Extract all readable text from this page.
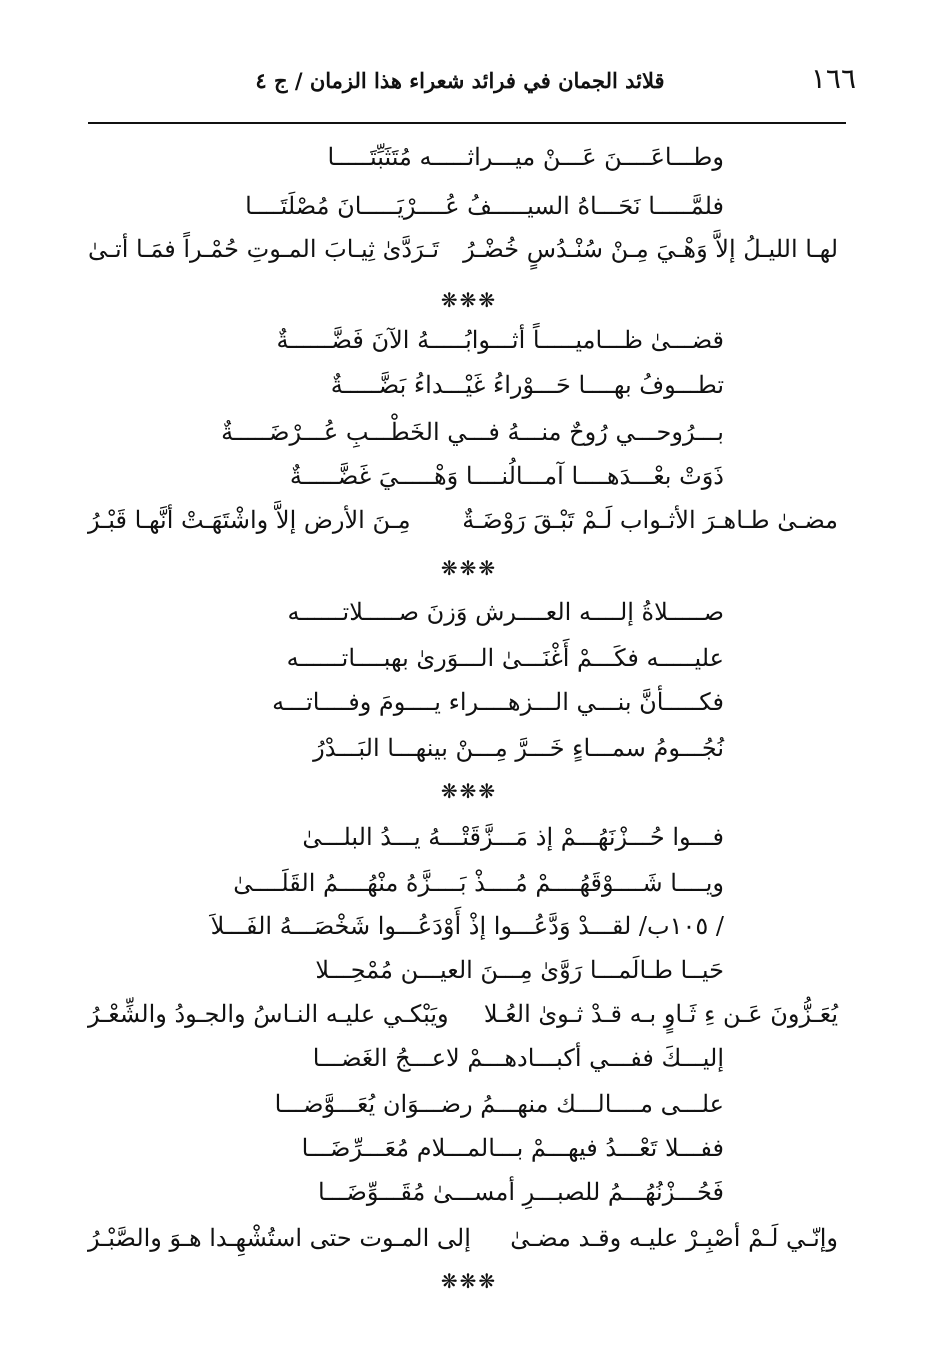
١٦٦
قلائد الجمان في فرائد شعراء هذا الزمان / ج ٤
وطـــاعَــــنَ عَـــنْ ميـــراثـــــه مُتَثَبِّتَـــــا
فلمَّـــــا نَحَـــاهُ السيـــــفُ عُــــرْيَـــــانَ مُصْلَتَــــا
لهـا الليـلُ إلاَّ وَهْـيَ مِـنْ سُنْـدُسٍ خُضْـرُ
تَـرَدَّىٰ ثِيـابَ المـوتِ حُمْـراً فمَـا أتـىٰ
❋❋❋
قضـــىٰ ظـــاميـــــاً أثـــوابُـــــهُ الآنَ فَضَّــــــةٌ
تطـــوفُ بهــــا حَـــوْراءُ غَيْـــداءُ بَضَّـــــةٌ
بـــرُوحـــي رُوحٌ منـــهُ فـــي الخَطْـــبِ عُـــرْضَـــــةٌ
ذَوَتْ بعْـــدَهــــا آمـــالُنــــا وَهْـــــيَ غَضَّـــــةٌ
مضـىٰ طـاهـرَ الأثـواب لَـمْ تَبْـقَ رَوْضَـةٌ
مِـنَ الأرض إلاَّ واشْتَهَـتْ أنَّهـا قَبْـرُ
❋❋❋
صـــــلاةُ إلــــه العــــرش وَزنَ صـــــلاتــــــه
عليـــــه فكَـــمْ أَغْنَـــىٰ الـــوَرىٰ بهبــــاتــــــه
فكـــــأنَّ بنـــي الـــزهــــراء يــــومَ وفــــاتـــه
نُجُـــومُ سمـــاءٍ خَـــرَّ مِـــنْ بينهـــا البَـــدْرُ
❋❋❋
فـــوا حُـــزْنَهُـــمْ إذ مَـــزَّقَتْـــهُ يـــدُ البلـــىٰ
ويــــا شَــــوْقَهُــــمْ مُــــذْ بَــــزَّهُ منْهُــــمُ القَلَــــىٰ
/ ١٠٥ب/ لقـــدْ وَدَّعُـــوا إذْ أَوْدَعُـــوا شَخْصَـــهُ الفَـــلاَ
حَيــا طـالَمـــا رَوَّىٰ مِـــنَ العيـــن مُمْحِـــلا
يُعَـزُّونَ عَـن ءِ ثَـاوٍ بـه قـدْ ثـوىٰ العُـلا
ويَبْكـي عليـه النـاسُ والجـودُ والشِّعْـرُ
إليـــكَ ففـــي أكبـــادهـــمْ لاعـــجُ الغَضـــا
علـــى مــــالـــك منهـــمُ رضـــوَان يُعَـــوَّضـــا
ففـــلا تَعْـــدُ فيهـــمْ بـــالمـــلام مُعَـــرِّضَـــا
فَحُـــزْنُهُـــمُ للصبـــرِ أمســـىٰ مُقَـــوِّضَـــا
وإنّـي لَـمْ أصْبِـرْ عليـه وقـد مضـىٰ
إلى المـوت حتى استُشْهِـدا هـوَ والصَّبْـرُ
❋❋❋
